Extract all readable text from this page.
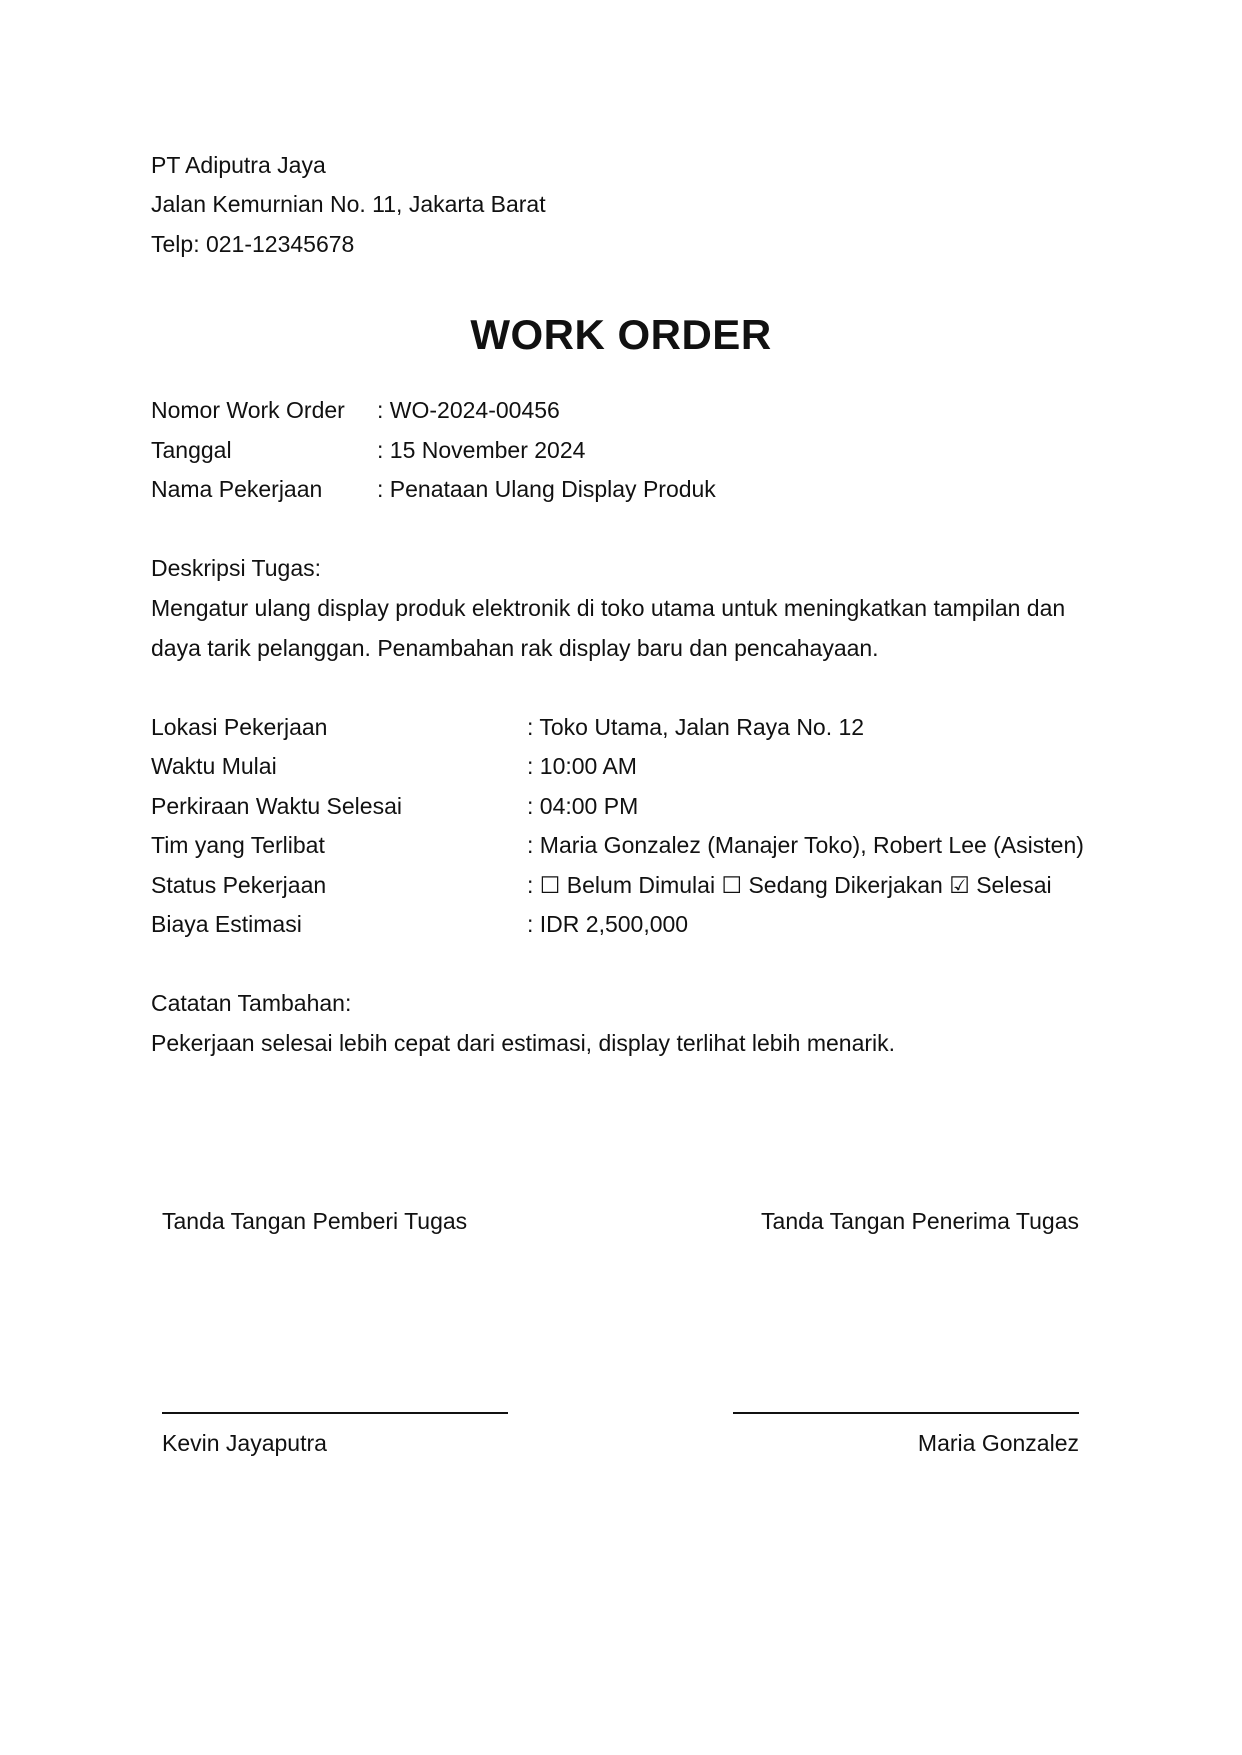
PT Adiputra Jaya
Jalan Kemurnian No. 11, Jakarta Barat
Telp: 021-12345678
WORK ORDER
Nomor Work Order : WO-2024-00456
Tanggal	: 15 November 2024
Nama Pekerjaan : Penataan Ulang Display Produk
Deskripsi Tugas:
Mengatur ulang display produk elektronik di toko utama untuk meningkatkan tampilan dan
daya tarik pelanggan. Penambahan rak display baru dan pencahayaan.
Lokasi Pekerjaan	: Toko Utama, Jalan Raya No. 12
Waktu Mulai	: 10:00 AM
Perkiraan Waktu Selesai	: 04:00 PM
Tim yang Terlibat	: Maria Gonzalez (Manajer Toko), Robert Lee (Asisten)
Status Pekerjaan	: ☐ Belum Dimulai ☐ Sedang Dikerjakan ☑ Selesai
Biaya Estimasi	: IDR 2,500,000
Catatan Tambahan:
Pekerjaan selesai lebih cepat dari estimasi, display terlihat lebih menarik.
Tanda Tangan Pemberi Tugas	Tanda Tangan Penerima Tugas
Kevin Jayaputra	Maria Gonzalez
